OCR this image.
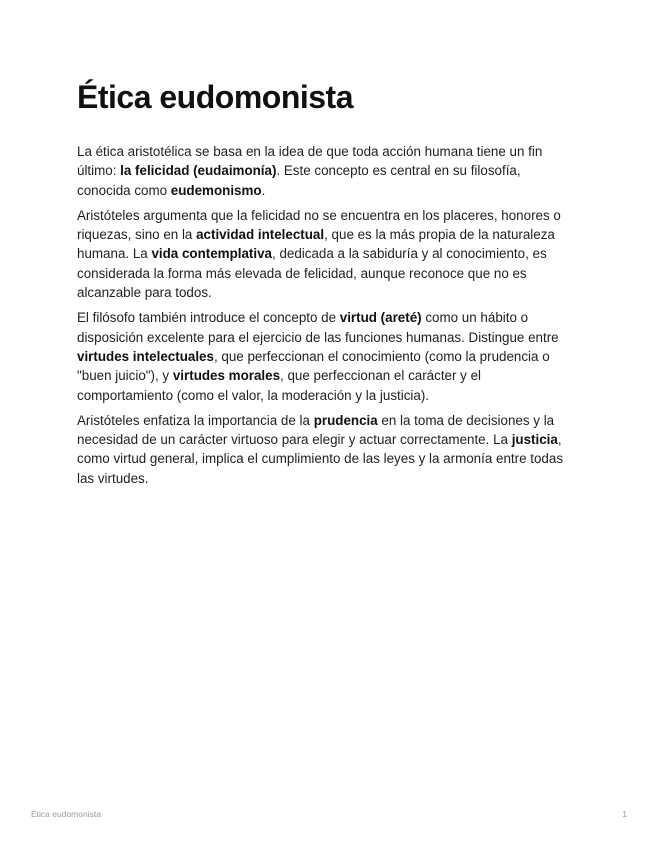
Ética eudomonista

La ética aristotélica se basa en la idea de que toda acción humana tiene un fin último: la felicidad (eudaimonía). Este concepto es central en su filosofía, conocida como eudemonismo.

Aristóteles argumenta que la felicidad no se encuentra en los placeres, honores o riquezas, sino en la actividad intelectual, que es la más propia de la naturaleza humana. La vida contemplativa, dedicada a la sabiduría y al conocimiento, es considerada la forma más elevada de felicidad, aunque reconoce que no es alcanzable para todos.

El filósofo también introduce el concepto de virtud (areté) como un hábito o disposición excelente para el ejercicio de las funciones humanas. Distingue entre virtudes intelectuales, que perfeccionan el conocimiento (como la prudencia o "buen juicio"), y virtudes morales, que perfeccionan el carácter y el comportamiento (como el valor, la moderación y la justicia).

Aristóteles enfatiza la importancia de la prudencia en la toma de decisiones y la necesidad de un carácter virtuoso para elegir y actuar correctamente. La justicia, como virtud general, implica el cumplimiento de las leyes y la armonía entre todas las virtudes.

Ética eudomonista	1
